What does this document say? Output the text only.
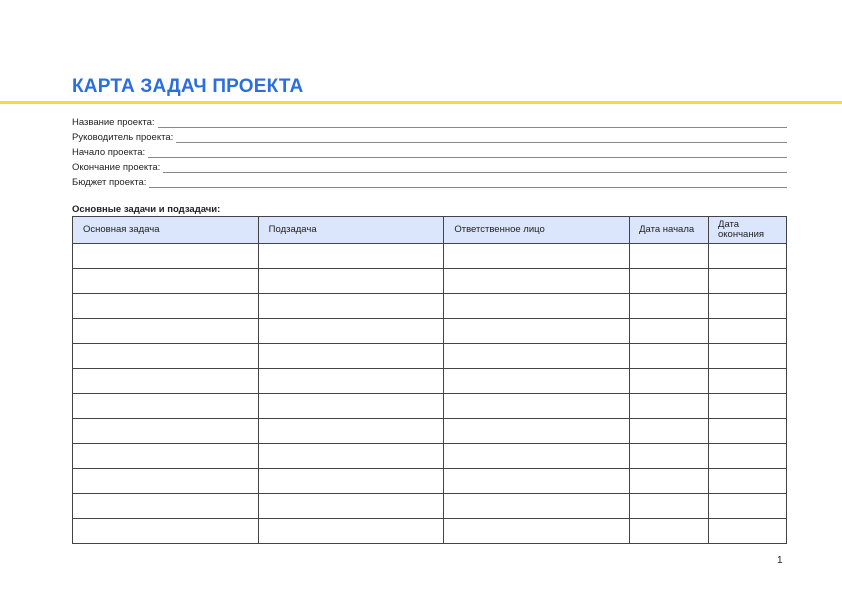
КАРТА ЗАДАЧ ПРОЕКТА
Название проекта:
Руководитель проекта:
Начало проекта:
Окончание проекта:
Бюджет проекта:
Основные задачи и подзадачи:
Основная задача	Подзадача	Ответственное лицо	Дата начала	Дата окончания

1
